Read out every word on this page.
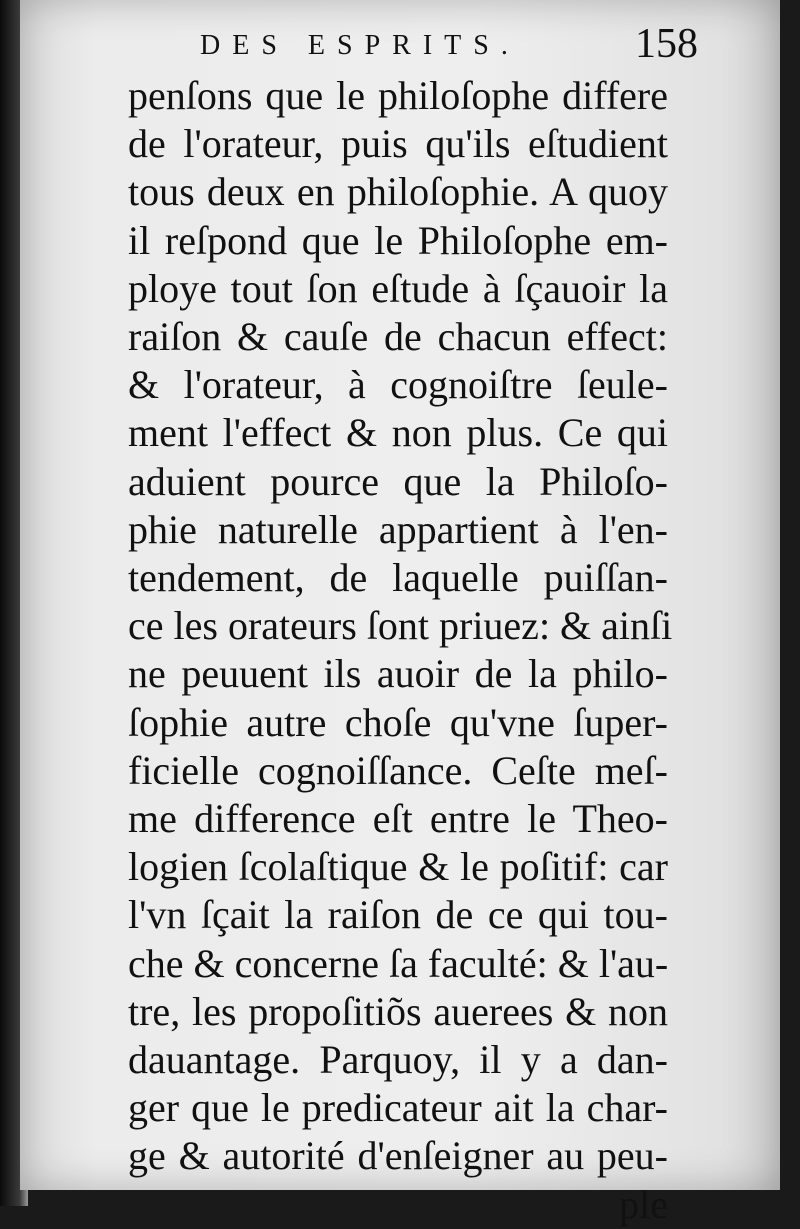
DES ESPRITS.	158
penſons que le philoſophe differe
de l'orateur, puis qu'ils eſtudient
tous deux en philoſophie. A quoy
il reſpond que le Philoſophe em-
ploye tout ſon eſtude à ſçauoir la
raiſon & cauſe de chacun effect:
& l'orateur, à cognoiſtre ſeule-
ment l'effect & non plus. Ce qui
aduient pource que la Philoſo-
phie naturelle appartient à l'en-
tendement, de laquelle puiſſan-
ce les orateurs ſont priuez: & ainſi
ne peuuent ils auoir de la philo-
ſophie autre choſe qu'vne ſuper-
ficielle cognoiſſance. Ceſte meſ-
me difference eſt entre le Theo-
logien ſcolaſtique & le poſitif: car
l'vn ſçait la raiſon de ce qui tou-
che & concerne ſa faculté: & l'au-
tre, les propoſitiõs auerees & non
dauantage. Parquoy, il y a dan-
ger que le predicateur ait la char-
ge & autorité d'enſeigner au peu-
ple
